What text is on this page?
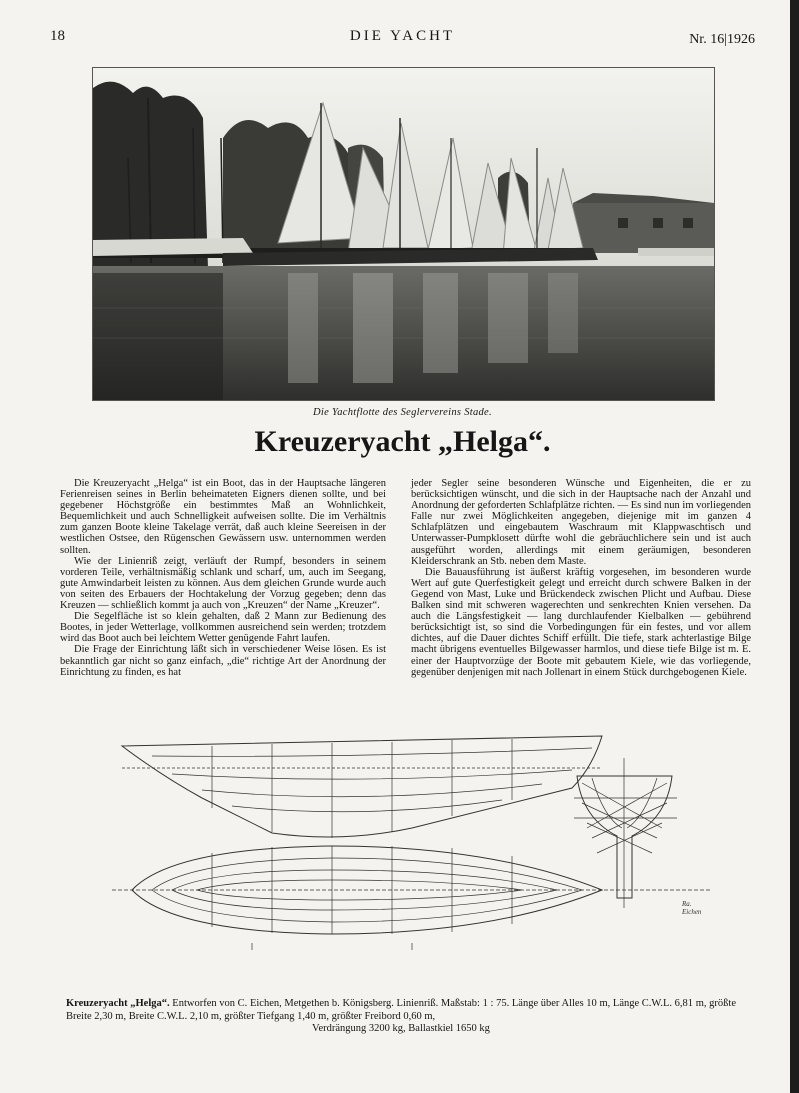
18	DIE YACHT	Nr. 16|1926
Die Yachtflotte des Seglervereins Stade.
Kreuzeryacht „Helga“.

Die Kreuzeryacht „Helga“ ist ein Boot, das in der Hauptsache längeren Ferienreisen seines in Berlin beheimateten Eigners dienen sollte, und bei gegebener Höchstgröße ein bestimmtes Maß an Wohnlichkeit, Bequemlichkeit und auch Schnelligkeit aufweisen sollte. Die im Verhältnis zum ganzen Boote kleine Takelage verrät, daß auch kleine Seereisen in der westlichen Ostsee, den Rügenschen Gewässern usw. unternommen werden sollten.

Wie der Linienriß zeigt, verläuft der Rumpf, besonders in seinem vorderen Teile, verhältnismäßig schlank und scharf, um, auch im Seegang, gute Amwindarbeit leisten zu können. Aus dem gleichen Grunde wurde auch von seiten des Erbauers der Hochtakelung der Vorzug gegeben; denn das Kreuzen — schließlich kommt ja auch von „Kreuzen“ der Name „Kreuzer“.

Die Segelfläche ist so klein gehalten, daß 2 Mann zur Bedienung des Bootes, in jeder Wetterlage, vollkommen ausreichend sein werden; trotzdem wird das Boot auch bei leichtem Wetter genügende Fahrt laufen.

Die Frage der Einrichtung läßt sich in verschiedener Weise lösen. Es ist bekanntlich gar nicht so ganz einfach, „die“ richtige Art der Anordnung der Einrichtung zu finden, es hat

jeder Segler seine besonderen Wünsche und Eigenheiten, die er zu berücksichtigen wünscht, und die sich in der Hauptsache nach der Anzahl und Anordnung der geforderten Schlafplätze richten. — Es sind nun im vorliegenden Falle nur zwei Möglichkeiten angegeben, diejenige mit im ganzen 4 Schlafplätzen und eingebautem Waschraum mit Klappwaschtisch und Unterwasser-Pumpklosett dürfte wohl die gebräuchlichere sein und ist auch ausgeführt worden, allerdings mit einem geräumigen, besonderen Kleiderschrank an Stb. neben dem Maste.

Die Bauausführung ist äußerst kräftig vorgesehen, im besonderen wurde Wert auf gute Querfestigkeit gelegt und erreicht durch schwere Balken in der Gegend von Mast, Luke und Brückendeck zwischen Plicht und Aufbau. Diese Balken sind mit schweren wagerechten und senkrechten Knien versehen. Da auch die Längsfestigkeit — lang durchlaufender Kielbalken — gebührend berücksichtigt ist, so sind die Vorbedingungen für ein festes, und vor allem dichtes, auf die Dauer dichtes Schiff erfüllt. Die tiefe, stark achterlastige Bilge macht übrigens eventuelles Bilgewasser harmlos, und diese tiefe Bilge ist m. E. einer der Hauptvorzüge der Boote mit gebautem Kiele, wie das vorliegende, gegenüber denjenigen mit nach Jollenart in einem Stück durchgebogenen Kiele.

Ra. Eichen
Kreuzeryacht „Helga“. Entworfen von C. Eichen, Metgethen b. Königsberg. Linienriß. Maßstab: 1 : 75. Länge über Alles 10 m, Länge C.W.L. 6,81 m, größte Breite 2,30 m, Breite C.W.L. 2,10 m, größter Tiefgang 1,40 m, größter Freibord 0,60 m,
Verdrängung 3200 kg, Ballastkiel 1650 kg
